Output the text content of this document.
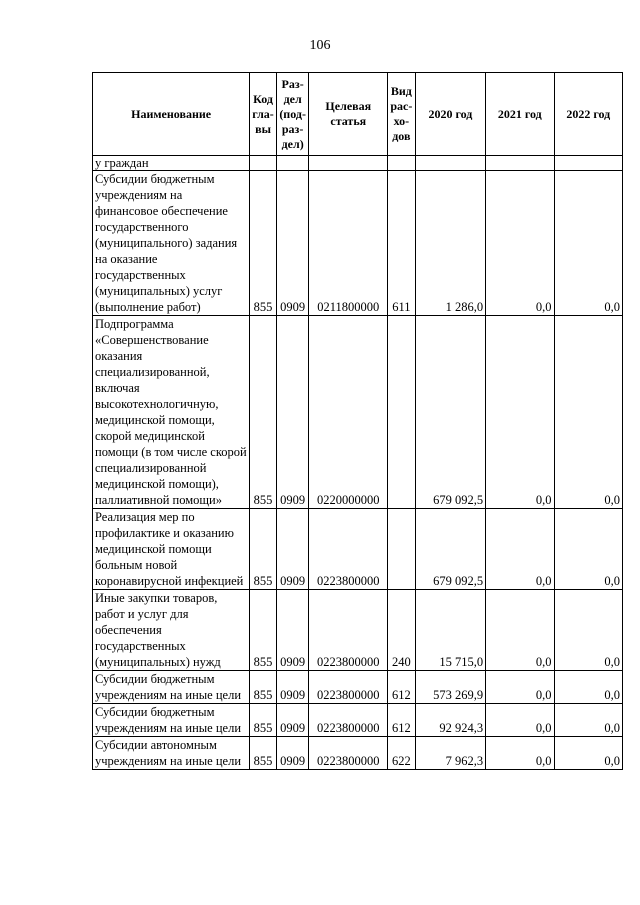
106
Наименование	Код гла- вы	Раз- дел (под- раз- дел)	Целевая статья	Вид рас- хо- дов	2020 год	2021 год	2022 год
у граждан							
Субсидии бюджетным учреждениям на финансовое обеспечение государственного (муниципального) задания на оказание государственных (муниципальных) услуг (выполнение работ)	855	0909	0211800000	611	1 286,0	0,0	0,0
Подпрограмма «Совершенствование оказания специализированной, включая высокотехнологичную, медицинской помощи, скорой медицинской помощи (в том числе скорой специализированной медицинской помощи), паллиативной помощи»	855	0909	0220000000		679 092,5	0,0	0,0
Реализация мер по профилактике и оказанию медицинской помощи больным новой коронавирусной инфекцией	855	0909	0223800000		679 092,5	0,0	0,0
Иные закупки товаров, работ и услуг для обеспечения государственных (муниципальных) нужд	855	0909	0223800000	240	15 715,0	0,0	0,0
Субсидии бюджетным учреждениям на иные цели	855	0909	0223800000	612	573 269,9	0,0	0,0
Субсидии бюджетным учреждениям на иные цели	855	0909	0223800000	612	92 924,3	0,0	0,0
Субсидии автономным учреждениям на иные цели	855	0909	0223800000	622	7 962,3	0,0	0,0
